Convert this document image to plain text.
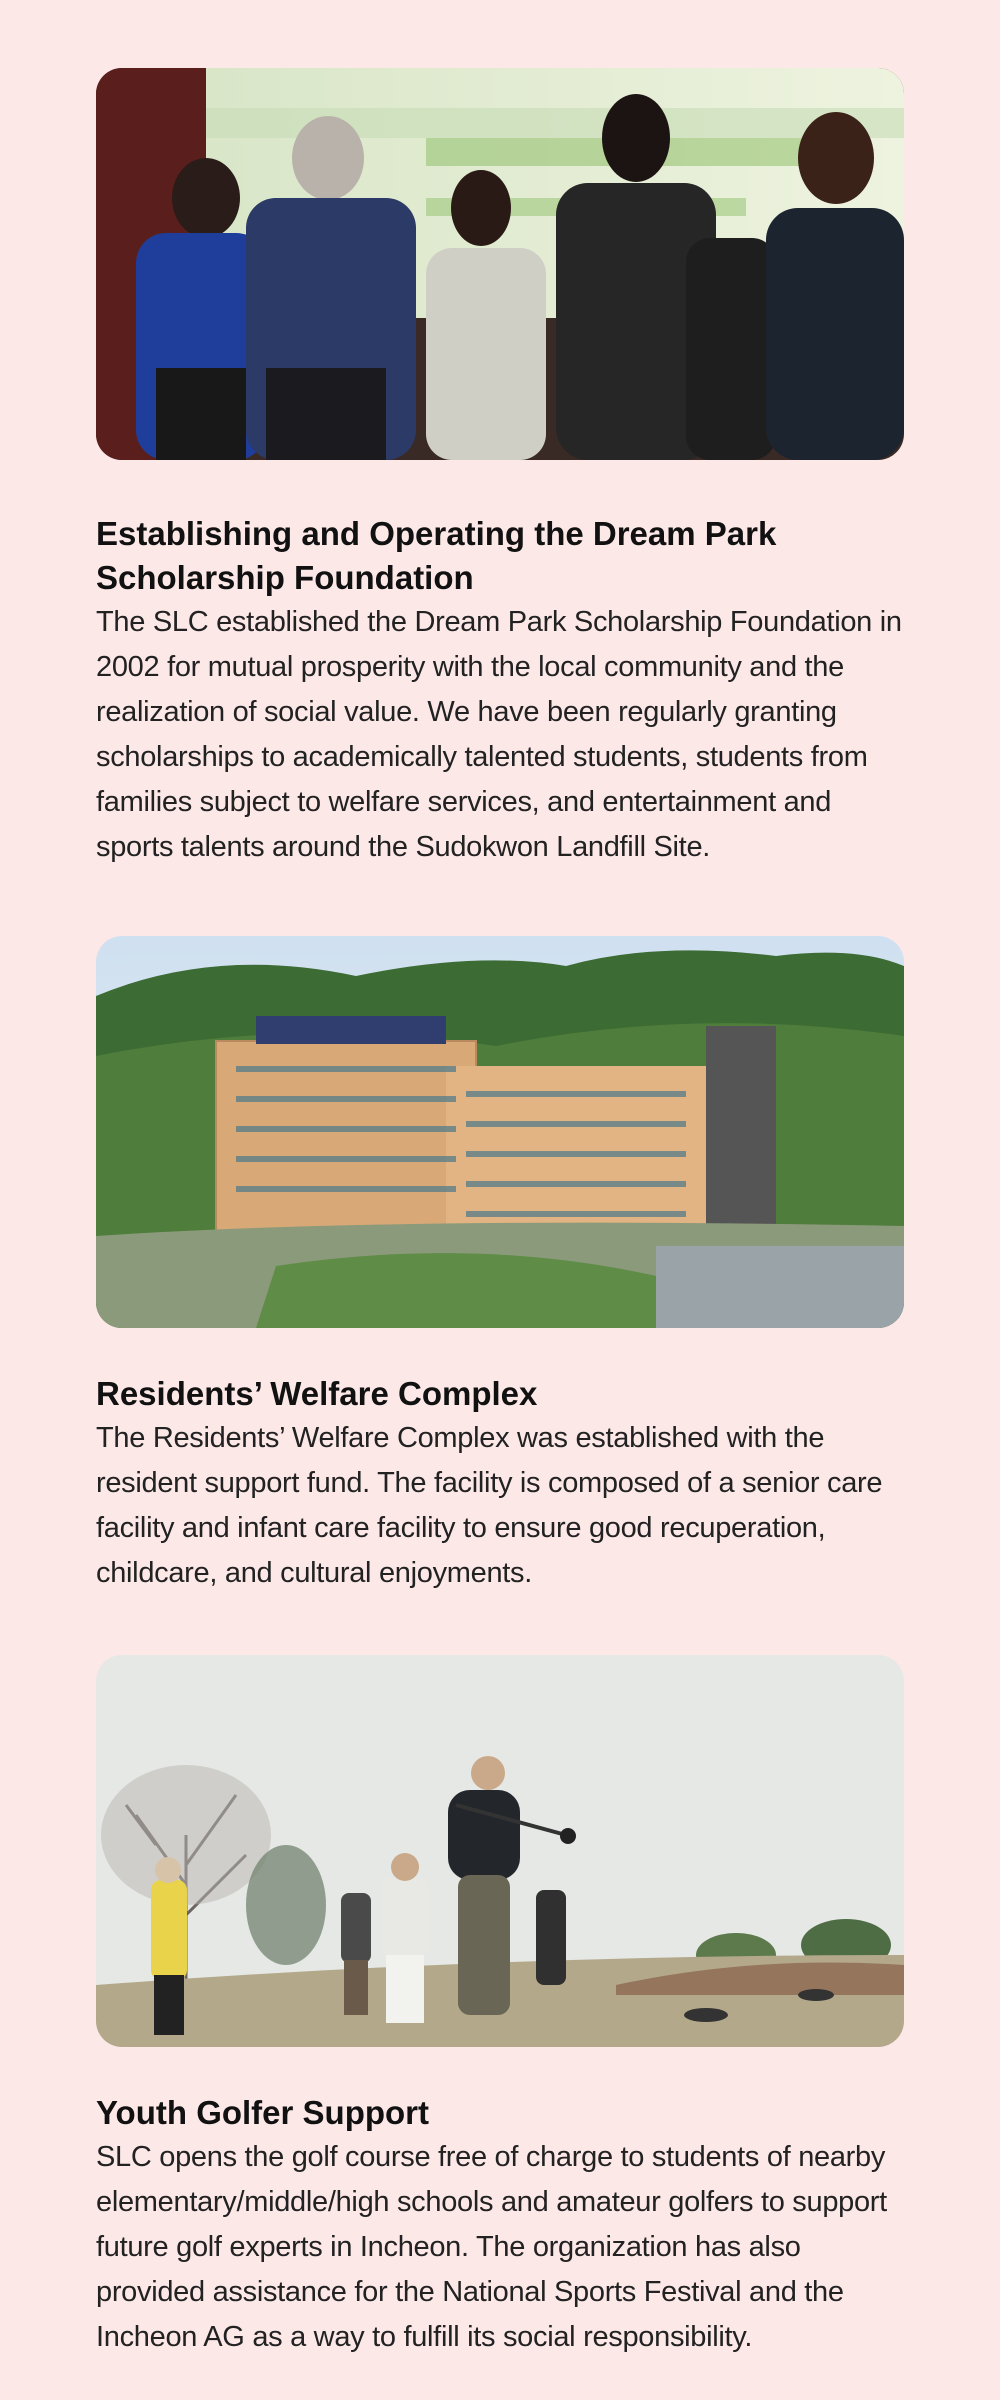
Establishing and Operating the Dream Park Scholarship Foundation

The SLC established the Dream Park Scholarship Foundation in 2002 for mutual prosperity with the local community and the realization of social value. We have been regularly granting scholarships to academically talented students, students from families subject to welfare services, and entertainment and sports talents around the Sudokwon Landfill Site.

Residents’ Welfare Complex

The Residents’ Welfare Complex was established with the resident support fund. The facility is composed of a senior care facility and infant care facility to ensure good recuperation, childcare, and cultural enjoyments.

Youth Golfer Support

SLC opens the golf course free of charge to students of nearby elementary/middle/high schools and amateur golfers to support future golf experts in Incheon. The organization has also provided assistance for the National Sports Festival and the Incheon AG as a way to fulfill its social responsibility.
